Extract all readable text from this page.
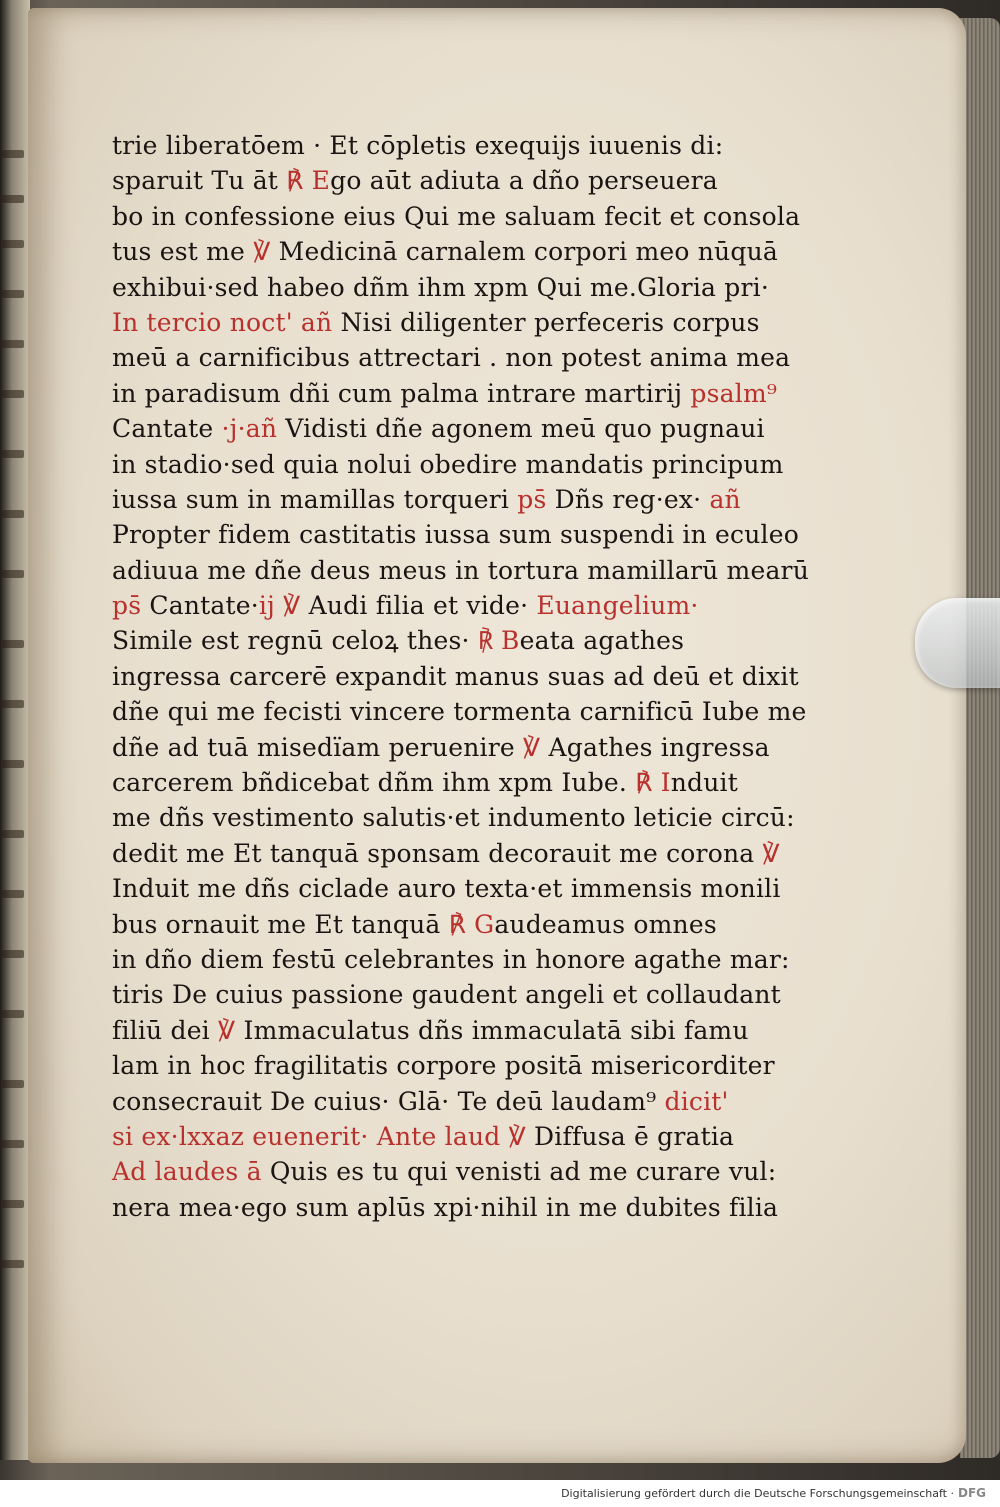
trie liberatōem · Et cōpletis exequijs iuuenis di:
sparuit Tu āt ℟ Ego aūt adiuta a dño perseuera
bo in confessione eius Qui me saluam fecit et consola
tus est me ℣ Medicinā carnalem corpori meo nūquā
exhibui·sed habeo dñm ihm xpm Qui me.Gloria pri·
In tercio noct' añ Nisi diligenter perfeceris corpus
meū a carnificibus attrectari . non potest anima mea
in paradisum dñi cum palma intrare martirij psalm⁹
Cantate ·j·añ Vidisti dñe agonem meū quo pugnaui
in stadio·sed quia nolui obedire mandatis principum
iussa sum in mamillas torqueri ps̄ Dñs reg·ex· añ
Propter fidem castitatis iussa sum suspendi in eculeo
adiuua me dñe deus meus in tortura mamillarū mearū
ps̄ Cantate·ij ℣ Audi filia et vide· Euangelium·
Simile est regnū celoꝝ thes· ℟ Beata agathes
ingressa carcerē expandit manus suas ad deū et dixit
dñe qui me fecisti vincere tormenta carnificū Iube me
dñe ad tuā misedïam peruenire ℣ Agathes ingressa
carcerem bñdicebat dñm ihm xpm Iube. ℟ Induit
me dñs vestimento salutis·et indumento leticie circū:
dedit me Et tanquā sponsam decorauit me corona ℣
Induit me dñs ciclade auro texta·et immensis monili
bus ornauit me Et tanquā ℟ Gaudeamus omnes
in dño diem festū celebrantes in honore agathe mar:
tiris De cuius passione gaudent angeli et collaudant
filiū dei ℣ Immaculatus dñs immaculatā sibi famu
lam in hoc fragilitatis corpore positā misericorditer
consecrauit De cuius· Glā· Te deū laudam⁹ dicit'
si ex·lxxaz euenerit· Ante laud ℣ Diffusa ē gratia
Ad laudes ā Quis es tu qui venisti ad me curare vul:
nera mea·ego sum aplūs xpi·nihil in me dubites filia
Digitalisierung gefördert durch die Deutsche Forschungsgemeinschaft · DFG
